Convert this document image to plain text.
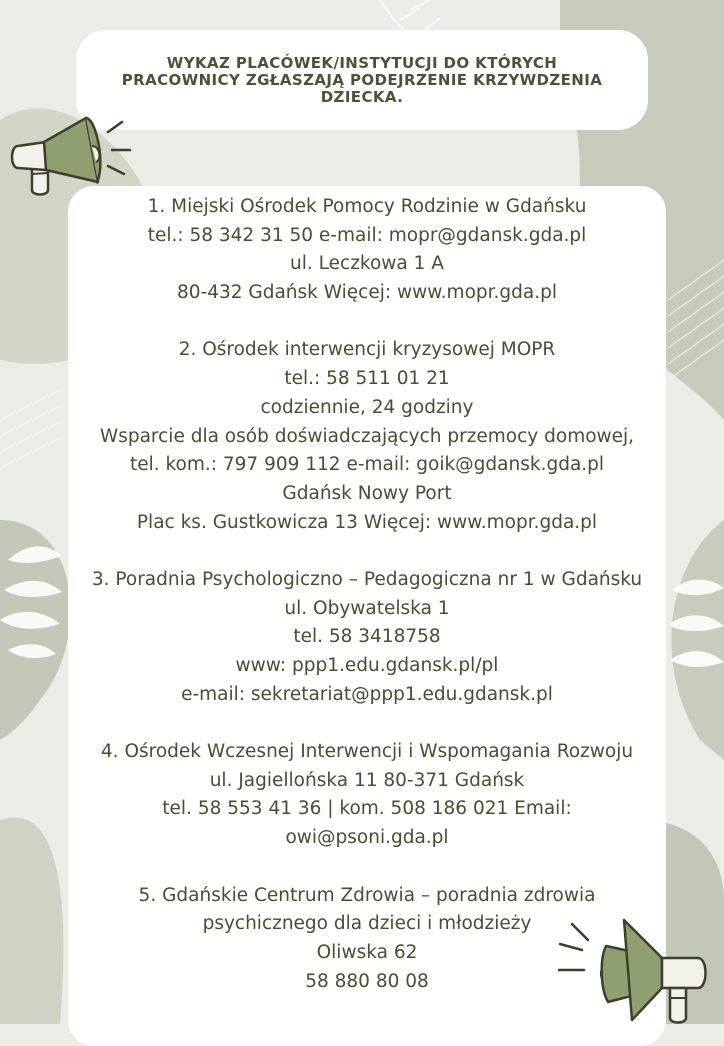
WYKAZ PLACÓWEK/INSTYTUCJI DO KTÓRYCH
PRACOWNICY ZGŁASZAJĄ PODEJRZENIE KRZYWDZENIA
DZIECKA.
1. Miejski Ośrodek Pomocy Rodzinie w Gdańsku
tel.: 58 342 31 50 e-mail: mopr@gdansk.gda.pl
ul. Leczkowa 1 A
80-432 Gdańsk Więcej: www.mopr.gda.pl
2. Ośrodek interwencji kryzysowej MOPR
tel.: 58 511 01 21
codziennie, 24 godziny
Wsparcie dla osób doświadczających przemocy domowej,
tel. kom.: 797 909 112 e-mail: goik@gdansk.gda.pl
Gdańsk Nowy Port
Plac ks. Gustkowicza 13 Więcej: www.mopr.gda.pl
3. Poradnia Psychologiczno – Pedagogiczna nr 1 w Gdańsku
ul. Obywatelska 1
tel. 58 3418758
www: ppp1.edu.gdansk.pl/pl
e-mail: sekretariat@ppp1.edu.gdansk.pl
4. Ośrodek Wczesnej Interwencji i Wspomagania Rozwoju
ul. Jagiellońska 11 80-371 Gdańsk
tel. 58 553 41 36 | kom. 508 186 021 Email:
owi@psoni.gda.pl
5. Gdańskie Centrum Zdrowia – poradnia zdrowia
psychicznego dla dzieci i młodzieży
Oliwska 62
58 880 80 08
